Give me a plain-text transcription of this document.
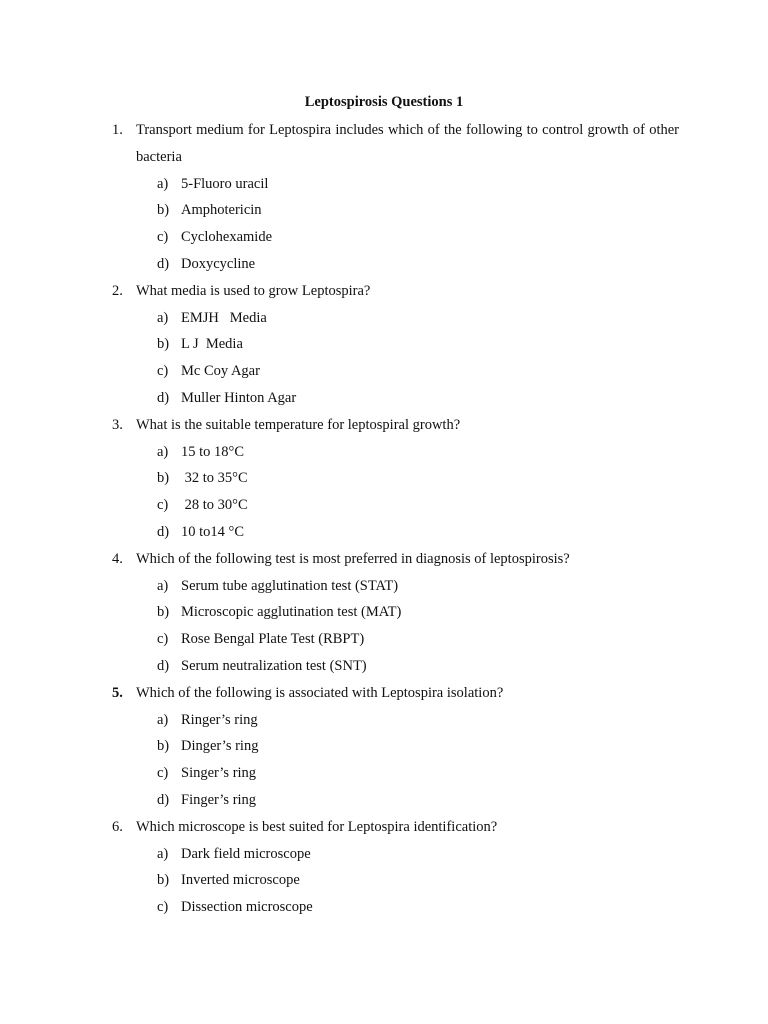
Leptospirosis Questions 1
1. Transport medium for Leptospira includes which of the following to control growth of other bacteria
a) 5-Fluoro uracil
b) Amphotericin
c) Cyclohexamide
d) Doxycycline
2. What media is used to grow Leptospira?
a) EMJH   Media
b) L J  Media
c) Mc Coy Agar
d) Muller Hinton Agar
3. What is the suitable temperature for leptospiral growth?
a) 15 to 18°C
b) 32 to 35°C
c) 28 to 30°C
d) 10 to14 °C
4. Which of the following test is most preferred in diagnosis of leptospirosis?
a) Serum tube agglutination test (STAT)
b) Microscopic agglutination test (MAT)
c) Rose Bengal Plate Test (RBPT)
d) Serum neutralization test (SNT)
5. Which of the following is associated with Leptospira isolation?
a) Ringer’s ring
b) Dinger’s ring
c) Singer’s ring
d) Finger’s ring
6. Which microscope is best suited for Leptospira identification?
a) Dark field microscope
b) Inverted microscope
c) Dissection microscope
